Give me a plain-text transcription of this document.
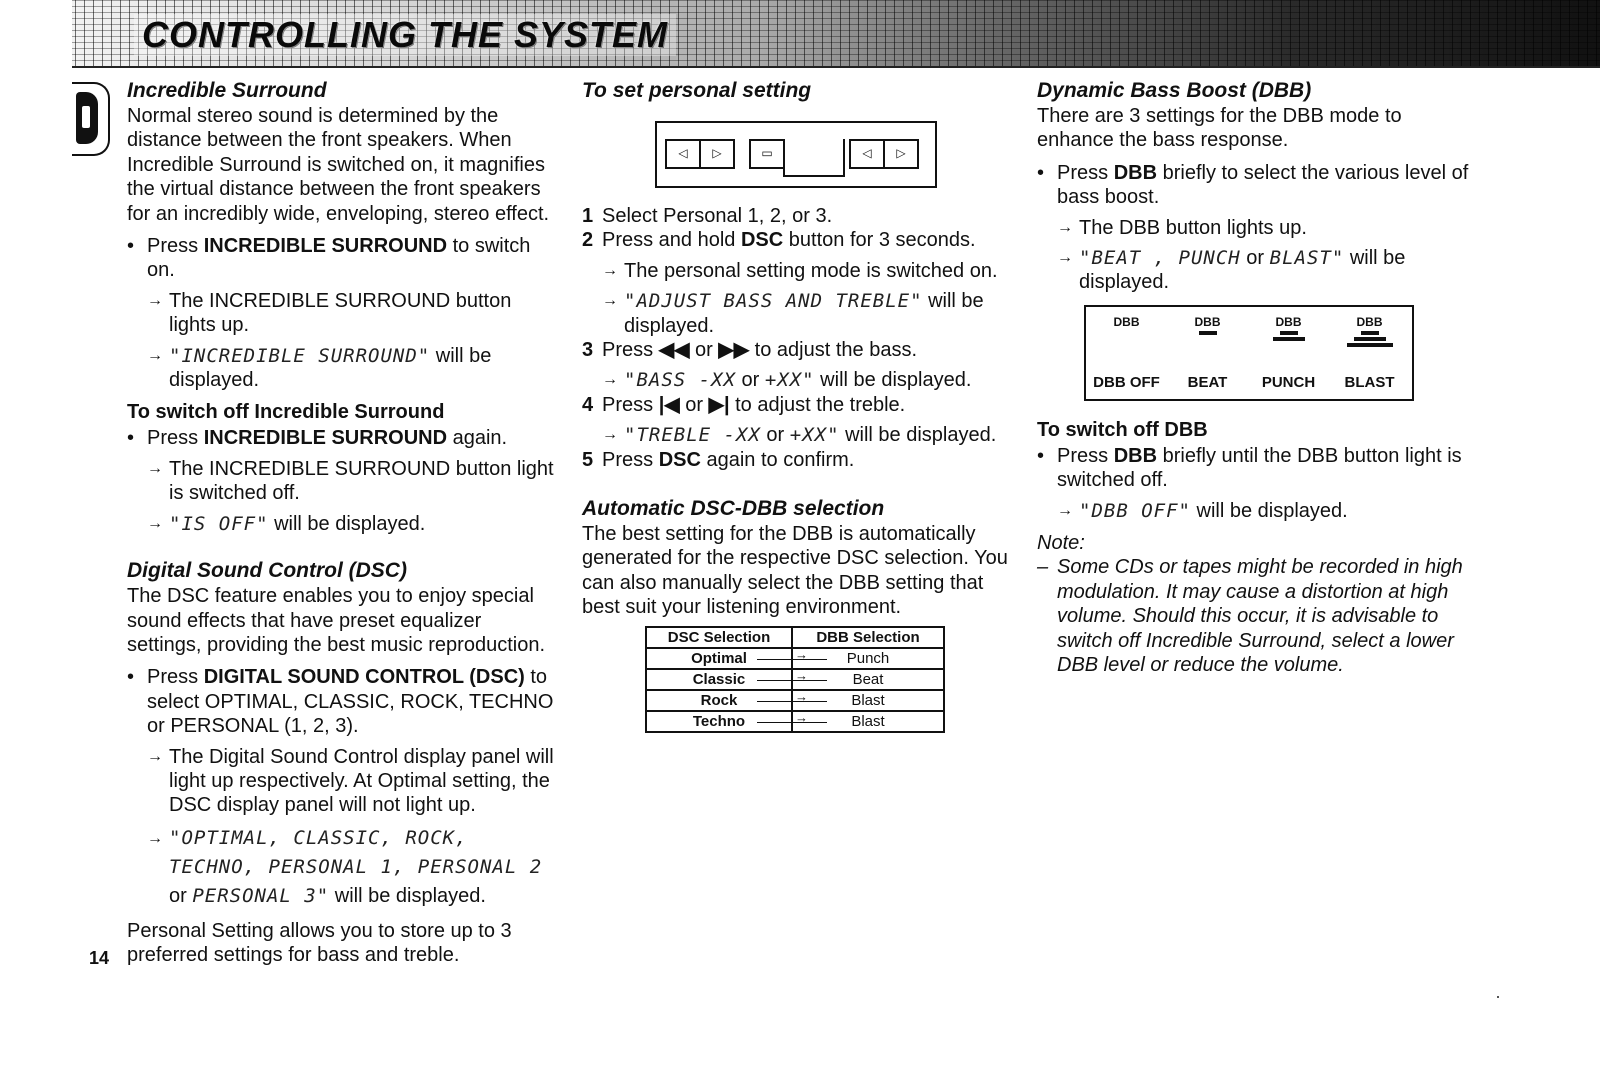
CONTROLLING THE SYSTEM
Incredible Surround

Normal stereo sound is determined by the distance between the front speakers. When Incredible Surround is switched on, it magnifies the virtual distance between the front speakers for an incredibly wide, enveloping, stereo effect.

• Press INCREDIBLE SURROUND to switch on.
→ The INCREDIBLE SURROUND button lights up.
→ "INCREDIBLE SURROUND" will be displayed.
To switch off Incredible Surround
• Press INCREDIBLE SURROUND again.
→ The INCREDIBLE SURROUND button light is switched off.
→ "IS OFF" will be displayed.
Digital Sound Control (DSC)

The DSC feature enables you to enjoy special sound effects that have preset equalizer settings, providing the best music reproduction.

• Press DIGITAL SOUND CONTROL (DSC) to select OPTIMAL, CLASSIC, ROCK, TECHNO or PERSONAL (1, 2, 3).
→ The Digital Sound Control display panel will light up respectively. At Optimal setting, the DSC display panel will not light up.
→ "OPTIMAL, CLASSIC, ROCK, TECHNO, PERSONAL 1, PERSONAL 2 or PERSONAL 3" will be displayed.

Personal Setting allows you to store up to 3 preferred settings for bass and treble.

To set personal setting
1 Select Personal 1, 2, or 3.
2 Press and hold DSC button for 3 seconds.
→ The personal setting mode is switched on.
→ "ADJUST BASS AND TREBLE" will be displayed.
3 Press ◀◀ or ▶▶ to adjust the bass.
→ "BASS -XX or +XX" will be displayed.
4 Press |◀ or ▶| to adjust the treble.
→ "TREBLE -XX or +XX" will be displayed.
5 Press DSC again to confirm.
Automatic DSC-DBB selection

The best setting for the DBB is automatically generated for the respective DSC selection. You can also manually select the DBB setting that best suit your listening environment.

◁	▷	▭	◁	▷
DSC Selection	DBB Selection
Optimal	→ Punch
Classic	→ Beat
Rock	→ Blast
Techno	→ Blast
Dynamic Bass Boost (DBB)

There are 3 settings for the DBB mode to enhance the bass response.

• Press DBB briefly to select the various level of bass boost.
→ The DBB button lights up.
→ "BEAT , PUNCH or BLAST" will be displayed.
To switch off DBB
• Press DBB briefly until the DBB button light is switched off.
→ "DBB OFF" will be displayed.

Note:

– Some CDs or tapes might be recorded in high modulation. It may cause a distortion at high volume. Should this occur, it is advisable to switch off Incredible Surround, select a lower DBB level or reduce the volume.
DBB	DBB	DBB	DBB
DBB OFF	BEAT	PUNCH	BLAST
14
